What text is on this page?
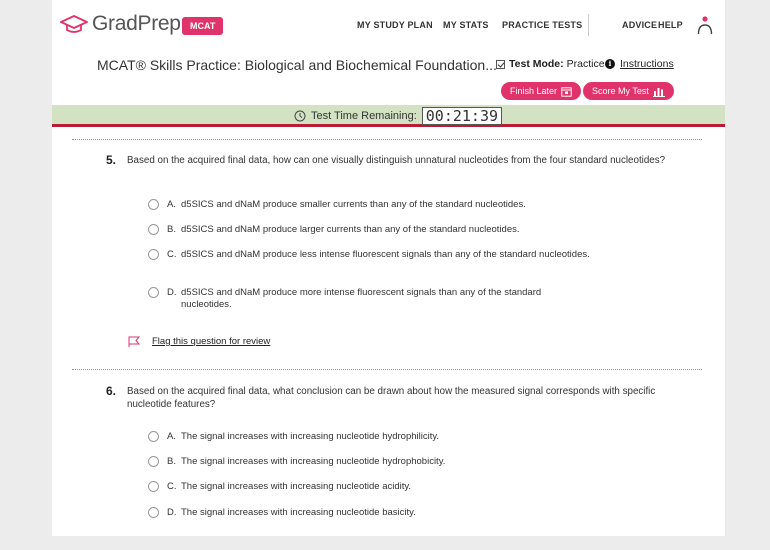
GradPrep	MCAT	MY STUDY PLAN MY STATS PRACTICE TESTS	ADVICE HELP
MCAT® Skills Practice: Biological and Biochemical Foundation... Test Mode: Practice i Instructions
Finish Later	Score My Test
Test Time Remaining: 00:21:39
5. Based on the acquired final data, how can one visually distinguish unnatural nucleotides from the four standard nucleotides?
A. d5SICS and dNaM produce smaller currents than any of the standard nucleotides.
B. d5SICS and dNaM produce larger currents than any of the standard nucleotides.
C. d5SICS and dNaM produce less intense fluorescent signals than any of the standard nucleotides.
D. d5SICS and dNaM produce more intense fluorescent signals than any of the standard nucleotides.
Flag this question for review
6. Based on the acquired final data, what conclusion can be drawn about how the measured signal corresponds with specific nucleotide features?
A. The signal increases with increasing nucleotide hydrophilicity.
B. The signal increases with increasing nucleotide hydrophobicity.
C. The signal increases with increasing nucleotide acidity.
D. The signal increases with increasing nucleotide basicity.
